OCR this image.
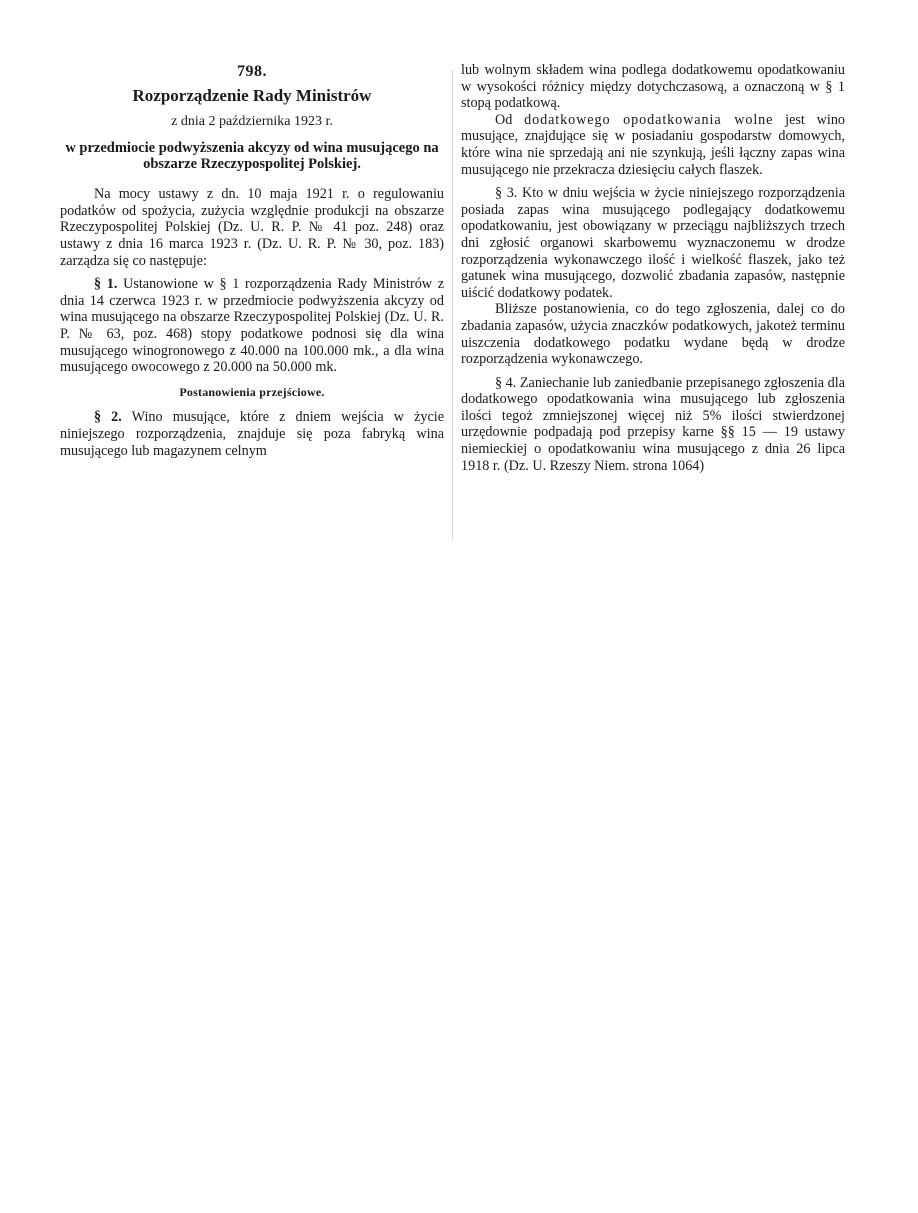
798.
Rozporządzenie Rady Ministrów
z dnia 2 października 1923 r.
w przedmiocie podwyższenia akcyzy od wina musującego na obszarze Rzeczypospolitej Polskiej.

Na mocy ustawy z dn. 10 maja 1921 r. o regulowaniu podatków od spożycia, zużycia względnie produkcji na obszarze Rzeczypospolitej Polskiej (Dz. U. R. P. № 41 poz. 248) oraz ustawy z dnia 16 marca 1923 r. (Dz. U. R. P. № 30, poz. 183) zarządza się co następuje:

§ 1. Ustanowione w § 1 rozporządzenia Rady Ministrów z dnia 14 czerwca 1923 r. w przedmiocie podwyższenia akcyzy od wina musującego na obszarze Rzeczypospolitej Polskiej (Dz. U. R. P. № 63, poz. 468) stopy podatkowe podnosi się dla wina musującego winogronowego z 40.000 na 100.000 mk., a dla wina musującego owocowego z 20.000 na 50.000 mk.

Postanowienia przejściowe.

§ 2. Wino musujące, które z dniem wejścia w życie niniejszego rozporządzenia, znajduje się poza fabryką wina musującego lub magazynem celnym

lub wolnym składem wina podlega dodatkowemu opodatkowaniu w wysokości różnicy między dotychczasową, a oznaczoną w § 1 stopą podatkową.

Od dodatkowego opodatkowania wolne jest wino musujące, znajdujące się w posiadaniu gospodarstw domowych, które wina nie sprzedają ani nie szynkują, jeśli łączny zapas wina musującego nie przekracza dziesięciu całych flaszek.

§ 3. Kto w dniu wejścia w życie niniejszego rozporządzenia posiada zapas wina musującego podlegający dodatkowemu opodatkowaniu, jest obowiązany w przeciągu najbliższych trzech dni zgłosić organowi skarbowemu wyznaczonemu w drodze rozporządzenia wykonawczego ilość i wielkość flaszek, jako też gatunek wina musującego, dozwolić zbadania zapasów, następnie uiścić dodatkowy podatek.

Bliższe postanowienia, co do tego zgłoszenia, dalej co do zbadania zapasów, użycia znaczków podatkowych, jakoteż terminu uiszczenia dodatkowego podatku wydane będą w drodze rozporządzenia wykonawczego.

§ 4. Zaniechanie lub zaniedbanie przepisanego zgłoszenia dla dodatkowego opodatkowania wina musującego lub zgłoszenia ilości tegoż zmniejszonej więcej niż 5% ilości stwierdzonej urzędownie podpadają pod przepisy karne §§ 15 — 19 ustawy niemieckiej o opodatkowaniu wina musującego z dnia 26 lipca 1918 r. (Dz. U. Rzeszy Niem. strona 1064)
